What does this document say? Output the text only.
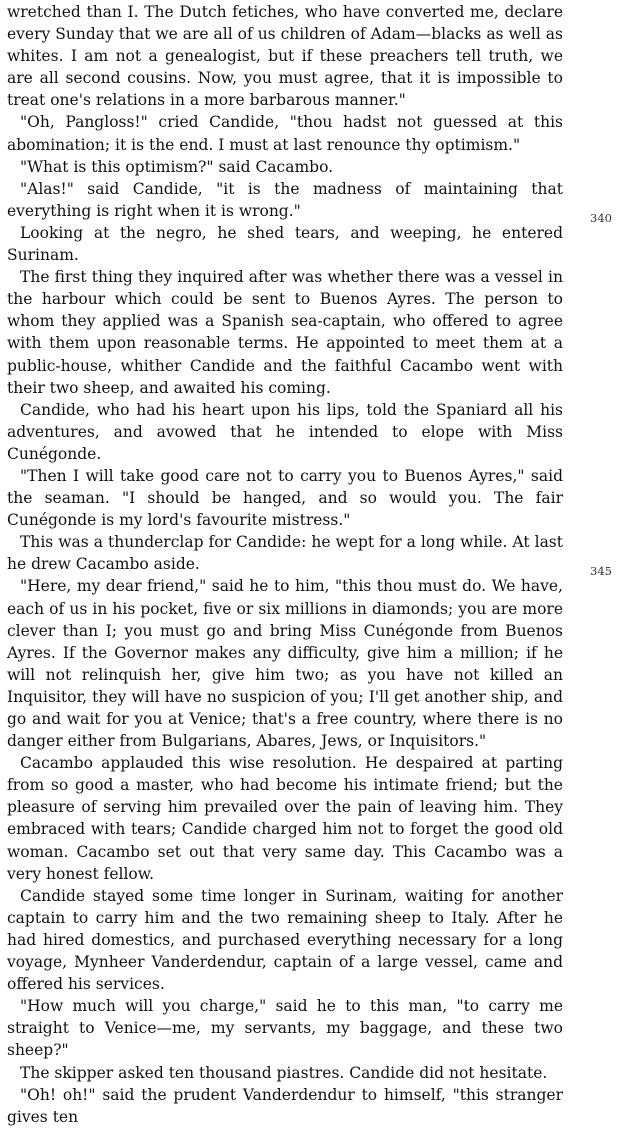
wretched than I. The Dutch fetiches, who have converted me, declare every Sunday that we are all of us children of Adam—blacks as well as whites. I am not a genealogist, but if these preachers tell truth, we are all second cousins. Now, you must agree, that it is impossible to treat one's relations in a more barbarous manner."

"Oh, Pangloss!" cried Candide, "thou hadst not guessed at this abomination; it is the end. I must at last renounce thy optimism."

"What is this optimism?" said Cacambo.

"Alas!" said Candide, "it is the madness of maintaining that everything is right when it is wrong."

Looking at the negro, he shed tears, and weeping, he entered Surinam.

The first thing they inquired after was whether there was a vessel in the harbour which could be sent to Buenos Ayres. The person to whom they applied was a Spanish sea-captain, who offered to agree with them upon reasonable terms. He appointed to meet them at a public-house, whither Candide and the faithful Cacambo went with their two sheep, and awaited his coming.

Candide, who had his heart upon his lips, told the Spaniard all his adventures, and avowed that he intended to elope with Miss Cunégonde.

"Then I will take good care not to carry you to Buenos Ayres," said the seaman. "I should be hanged, and so would you. The fair Cunégonde is my lord's favourite mistress."

This was a thunderclap for Candide: he wept for a long while. At last he drew Cacambo aside.

"Here, my dear friend," said he to him, "this thou must do. We have, each of us in his pocket, five or six millions in diamonds; you are more clever than I; you must go and bring Miss Cunégonde from Buenos Ayres. If the Governor makes any difficulty, give him a million; if he will not relinquish her, give him two; as you have not killed an Inquisitor, they will have no suspicion of you; I'll get another ship, and go and wait for you at Venice; that's a free country, where there is no danger either from Bulgarians, Abares, Jews, or Inquisitors."

Cacambo applauded this wise resolution. He despaired at parting from so good a master, who had become his intimate friend; but the pleasure of serving him prevailed over the pain of leaving him. They embraced with tears; Candide charged him not to forget the good old woman. Cacambo set out that very same day. This Cacambo was a very honest fellow.

Candide stayed some time longer in Surinam, waiting for another captain to carry him and the two remaining sheep to Italy. After he had hired domestics, and purchased everything necessary for a long voyage, Mynheer Vanderdendur, captain of a large vessel, came and offered his services.

"How much will you charge," said he to this man, "to carry me straight to Venice—me, my servants, my baggage, and these two sheep?"

The skipper asked ten thousand piastres. Candide did not hesitate.

"Oh! oh!" said the prudent Vanderdendur to himself, "this stranger gives ten

340
345
